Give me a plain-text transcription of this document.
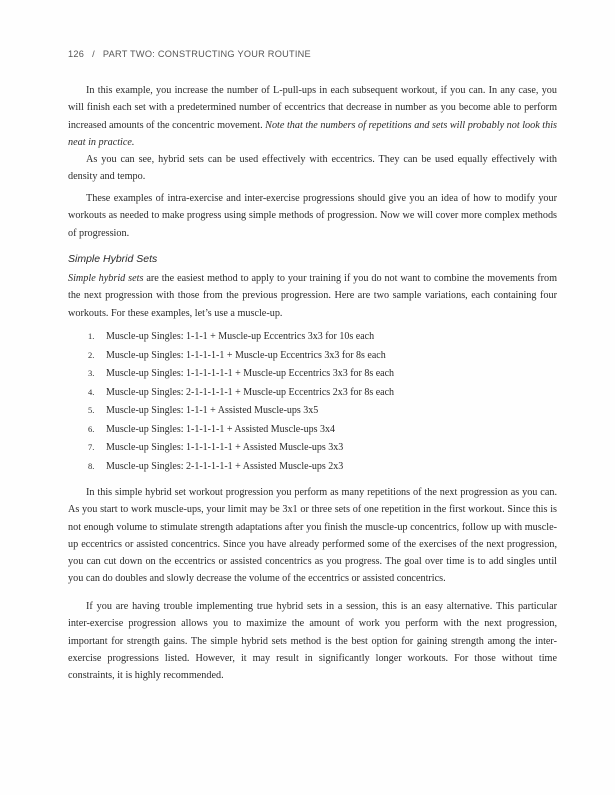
126 / PART TWO: CONSTRUCTING YOUR ROUTINE

In this example, you increase the number of L-pull-ups in each subsequent workout, if you can. In any case, you will finish each set with a predetermined number of eccentrics that decrease in number as you become able to perform increased amounts of the concentric movement. Note that the numbers of repetitions and sets will probably not look this neat in practice.

As you can see, hybrid sets can be used effectively with eccentrics. They can be used equally effectively with density and tempo.

These examples of intra-exercise and inter-exercise progressions should give you an idea of how to modify your workouts as needed to make progress using simple methods of progression. Now we will cover more complex methods of progression.

Simple Hybrid Sets

Simple hybrid sets are the easiest method to apply to your training if you do not want to combine the movements from the next progression with those from the previous progression. Here are two sample variations, each containing four workouts. For these examples, let’s use a muscle-up.

1. Muscle-up Singles: 1-1-1 + Muscle-up Eccentrics 3x3 for 10s each
2. Muscle-up Singles: 1-1-1-1-1 + Muscle-up Eccentrics 3x3 for 8s each
3. Muscle-up Singles: 1-1-1-1-1-1 + Muscle-up Eccentrics 3x3 for 8s each
4. Muscle-up Singles: 2-1-1-1-1-1 + Muscle-up Eccentrics 2x3 for 8s each
5. Muscle-up Singles: 1-1-1 + Assisted Muscle-ups 3x5
6. Muscle-up Singles: 1-1-1-1-1 + Assisted Muscle-ups 3x4
7. Muscle-up Singles: 1-1-1-1-1-1 + Assisted Muscle-ups 3x3
8. Muscle-up Singles: 2-1-1-1-1-1 + Assisted Muscle-ups 2x3

In this simple hybrid set workout progression you perform as many repetitions of the next progression as you can. As you start to work muscle-ups, your limit may be 3x1 or three sets of one repetition in the first workout. Since this is not enough volume to stimulate strength adaptations after you finish the muscle-up concentrics, follow up with muscle-up eccentrics or assisted concentrics. Since you have already performed some of the exercises of the next progression, you can cut down on the eccentrics or assisted concentrics as you progress. The goal over time is to add singles until you can do doubles and slowly decrease the volume of the eccentrics or assisted concentrics.

If you are having trouble implementing true hybrid sets in a session, this is an easy alternative. This particular inter-exercise progression allows you to maximize the amount of work you perform with the next progression, important for strength gains. The simple hybrid sets method is the best option for gaining strength among the inter-exercise progressions listed. However, it may result in significantly longer workouts. For those without time constraints, it is highly recommended.
